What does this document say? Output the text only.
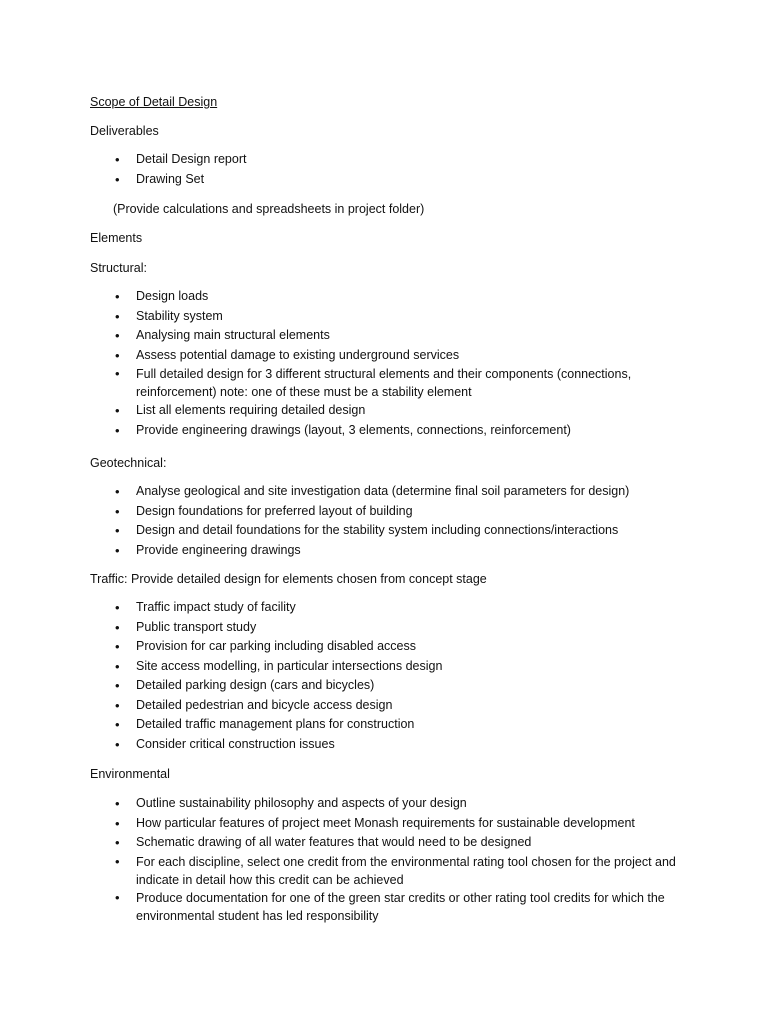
Scope of Detail Design

Deliverables

• Detail Design report
• Drawing Set

(Provide calculations and spreadsheets in project folder)

Elements

Structural:

• Design loads
• Stability system
• Analysing main structural elements
• Assess potential damage to existing underground services
• Full detailed design for 3 different structural elements and their components (connections, reinforcement) note: one of these must be a stability element
• List all elements requiring detailed design
• Provide engineering drawings (layout, 3 elements, connections, reinforcement)

Geotechnical:

• Analyse geological and site investigation data (determine final soil parameters for design)
• Design foundations for preferred layout of building
• Design and detail foundations for the stability system including connections/interactions
• Provide engineering drawings

Traffic: Provide detailed design for elements chosen from concept stage

• Traffic impact study of facility
• Public transport study
• Provision for car parking including disabled access
• Site access modelling, in particular intersections design
• Detailed parking design (cars and bicycles)
• Detailed pedestrian and bicycle access design
• Detailed traffic management plans for construction
• Consider critical construction issues

Environmental

• Outline sustainability philosophy and aspects of your design
• How particular features of project meet Monash requirements for sustainable development
• Schematic drawing of all water features that would need to be designed
• For each discipline, select one credit from the environmental rating tool chosen for the project and indicate in detail how this credit can be achieved
• Produce documentation for one of the green star credits or other rating tool credits for which the environmental student has led responsibility
